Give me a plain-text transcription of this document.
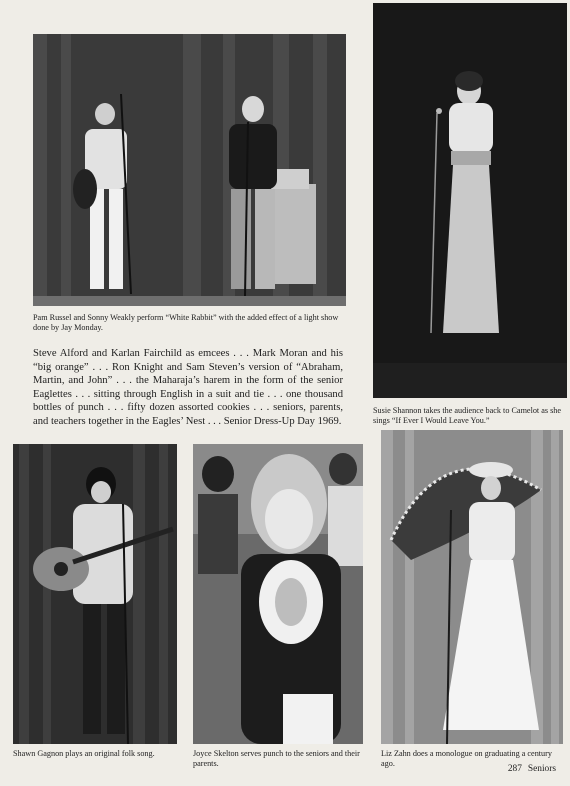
Pam Russel and Sonny Weakly perform “White Rabbit” with the added effect of a light show done by Jay Monday.

Susie Shannon takes the audience back to Camelot as she sings “If Ever I Would Leave You.”

Steve Alford and Karlan Fairchild as emcees . . . Mark Moran and his “big orange” . . . Ron Knight and Sam Steven’s version of “Abraham, Martin, and John” . . . the Maharaja’s harem in the form of the senior Eaglettes . . . sitting through English in a suit and tie . . . one thousand bottles of punch . . . fifty dozen assorted cookies . . . seniors, parents, and teachers together in the Eagles’ Nest . . . Senior Dress-Up Day 1969.

Shawn Gagnon plays an original folk song.	Joyce Skelton serves punch to the seniors and their parents.

Liz Zahn does a monologue on graduating a century ago.

287 Seniors
